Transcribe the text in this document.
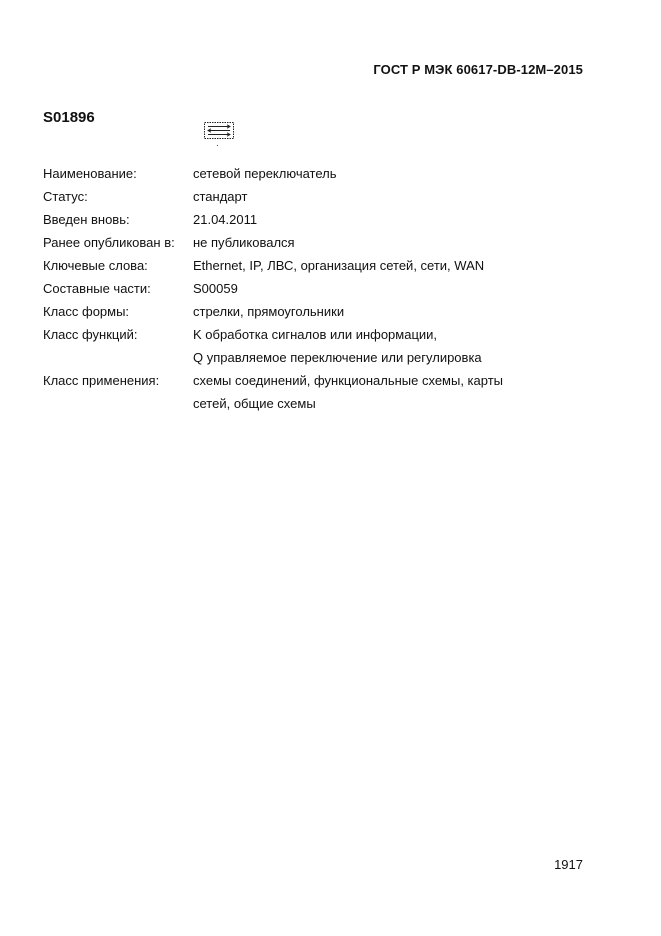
ГОСТ Р МЭК 60617-DB-12M–2015
S01896
Наименование:	сетевой переключатель
Статус:	стандарт
Введен вновь:	21.04.2011
Ранее опубликован в:	не публиковался
Ключевые слова:	Ethernet, IP, ЛВС, организация сетей, сети, WAN
Составные части:	S00059
Класс формы:	стрелки, прямоугольники
Класс функций:	K обработка сигналов или информации,
Q управляемое переключение или регулировка
Класс применения:	схемы соединений, функциональные схемы, карты
сетей, общие схемы
1917
